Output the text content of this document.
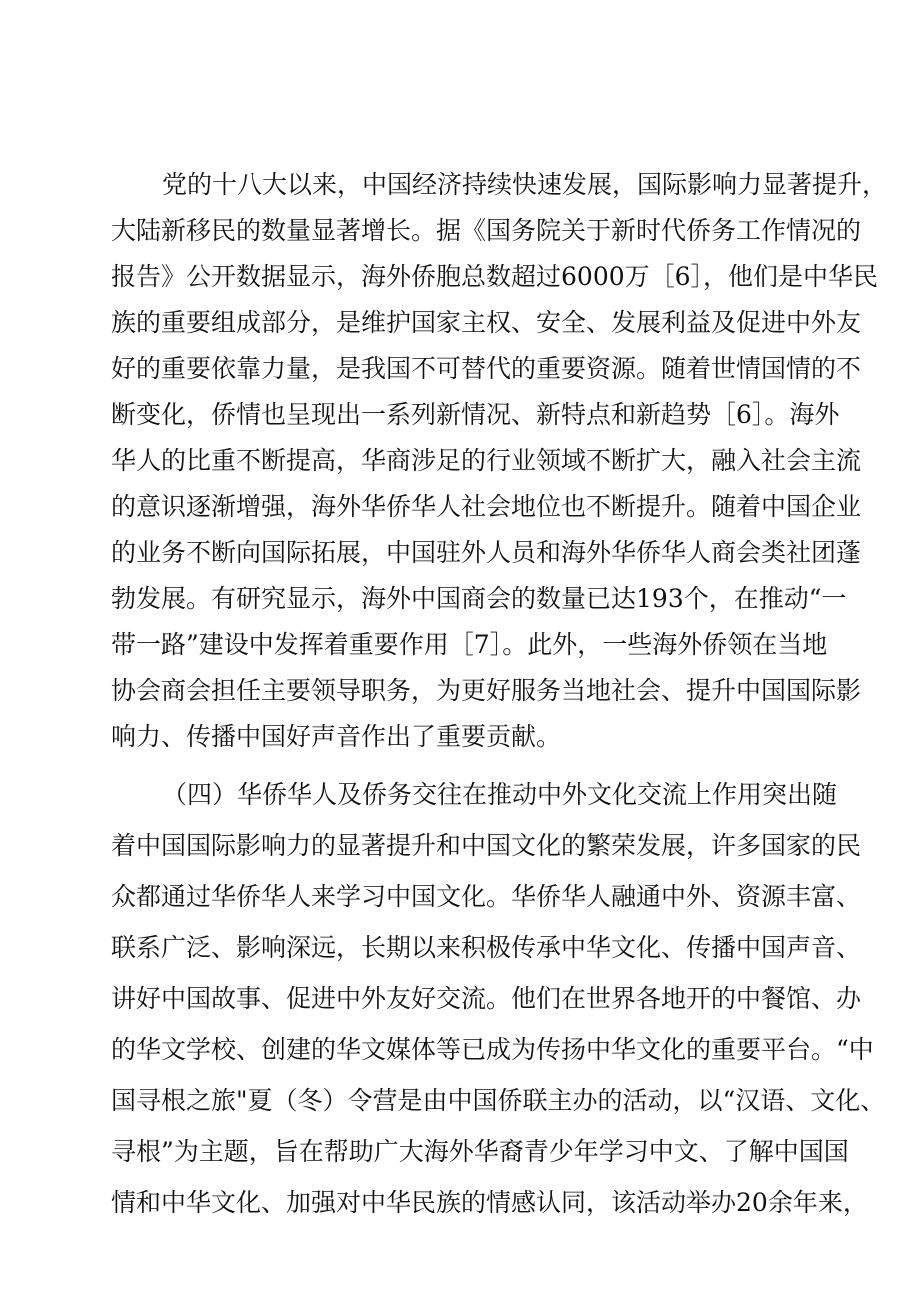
党的十八大以来，中国经济持续快速发展，国际影响力显著提升，
大陆新移民的数量显著增长。据《国务院关于新时代侨务工作情况的
报告》公开数据显示，海外侨胞总数超过6000万［6］，他们是中华民
族的重要组成部分，是维护国家主权、安全、发展利益及促进中外友
好的重要依靠力量，是我国不可替代的重要资源。随着世情国情的不
断变化，侨情也呈现出一系列新情况、新特点和新趋势［6］。海外
华人的比重不断提高，华商涉足的行业领域不断扩大，融入社会主流
的意识逐渐增强，海外华侨华人社会地位也不断提升。随着中国企业
的业务不断向国际拓展，中国驻外人员和海外华侨华人商会类社团蓬
勃发展。有研究显示，海外中国商会的数量已达193个，在推动“一
带一路”建设中发挥着重要作用［7］。此外，一些海外侨领在当地
协会商会担任主要领导职务，为更好服务当地社会、提升中国国际影
响力、传播中国好声音作出了重要贡献。
（四）华侨华人及侨务交往在推动中外文化交流上作用突出随
着中国国际影响力的显著提升和中国文化的繁荣发展，许多国家的民
众都通过华侨华人来学习中国文化。华侨华人融通中外、资源丰富、
联系广泛、影响深远，长期以来积极传承中华文化、传播中国声音、
讲好中国故事、促进中外友好交流。他们在世界各地开的中餐馆、办
的华文学校、创建的华文媒体等已成为传扬中华文化的重要平台。“中
国寻根之旅"夏（冬）令营是由中国侨联主办的活动，以“汉语、文化、
寻根”为主题，旨在帮助广大海外华裔青少年学习中文、了解中国国
情和中华文化、加强对中华民族的情感认同，该活动举办20余年来，
